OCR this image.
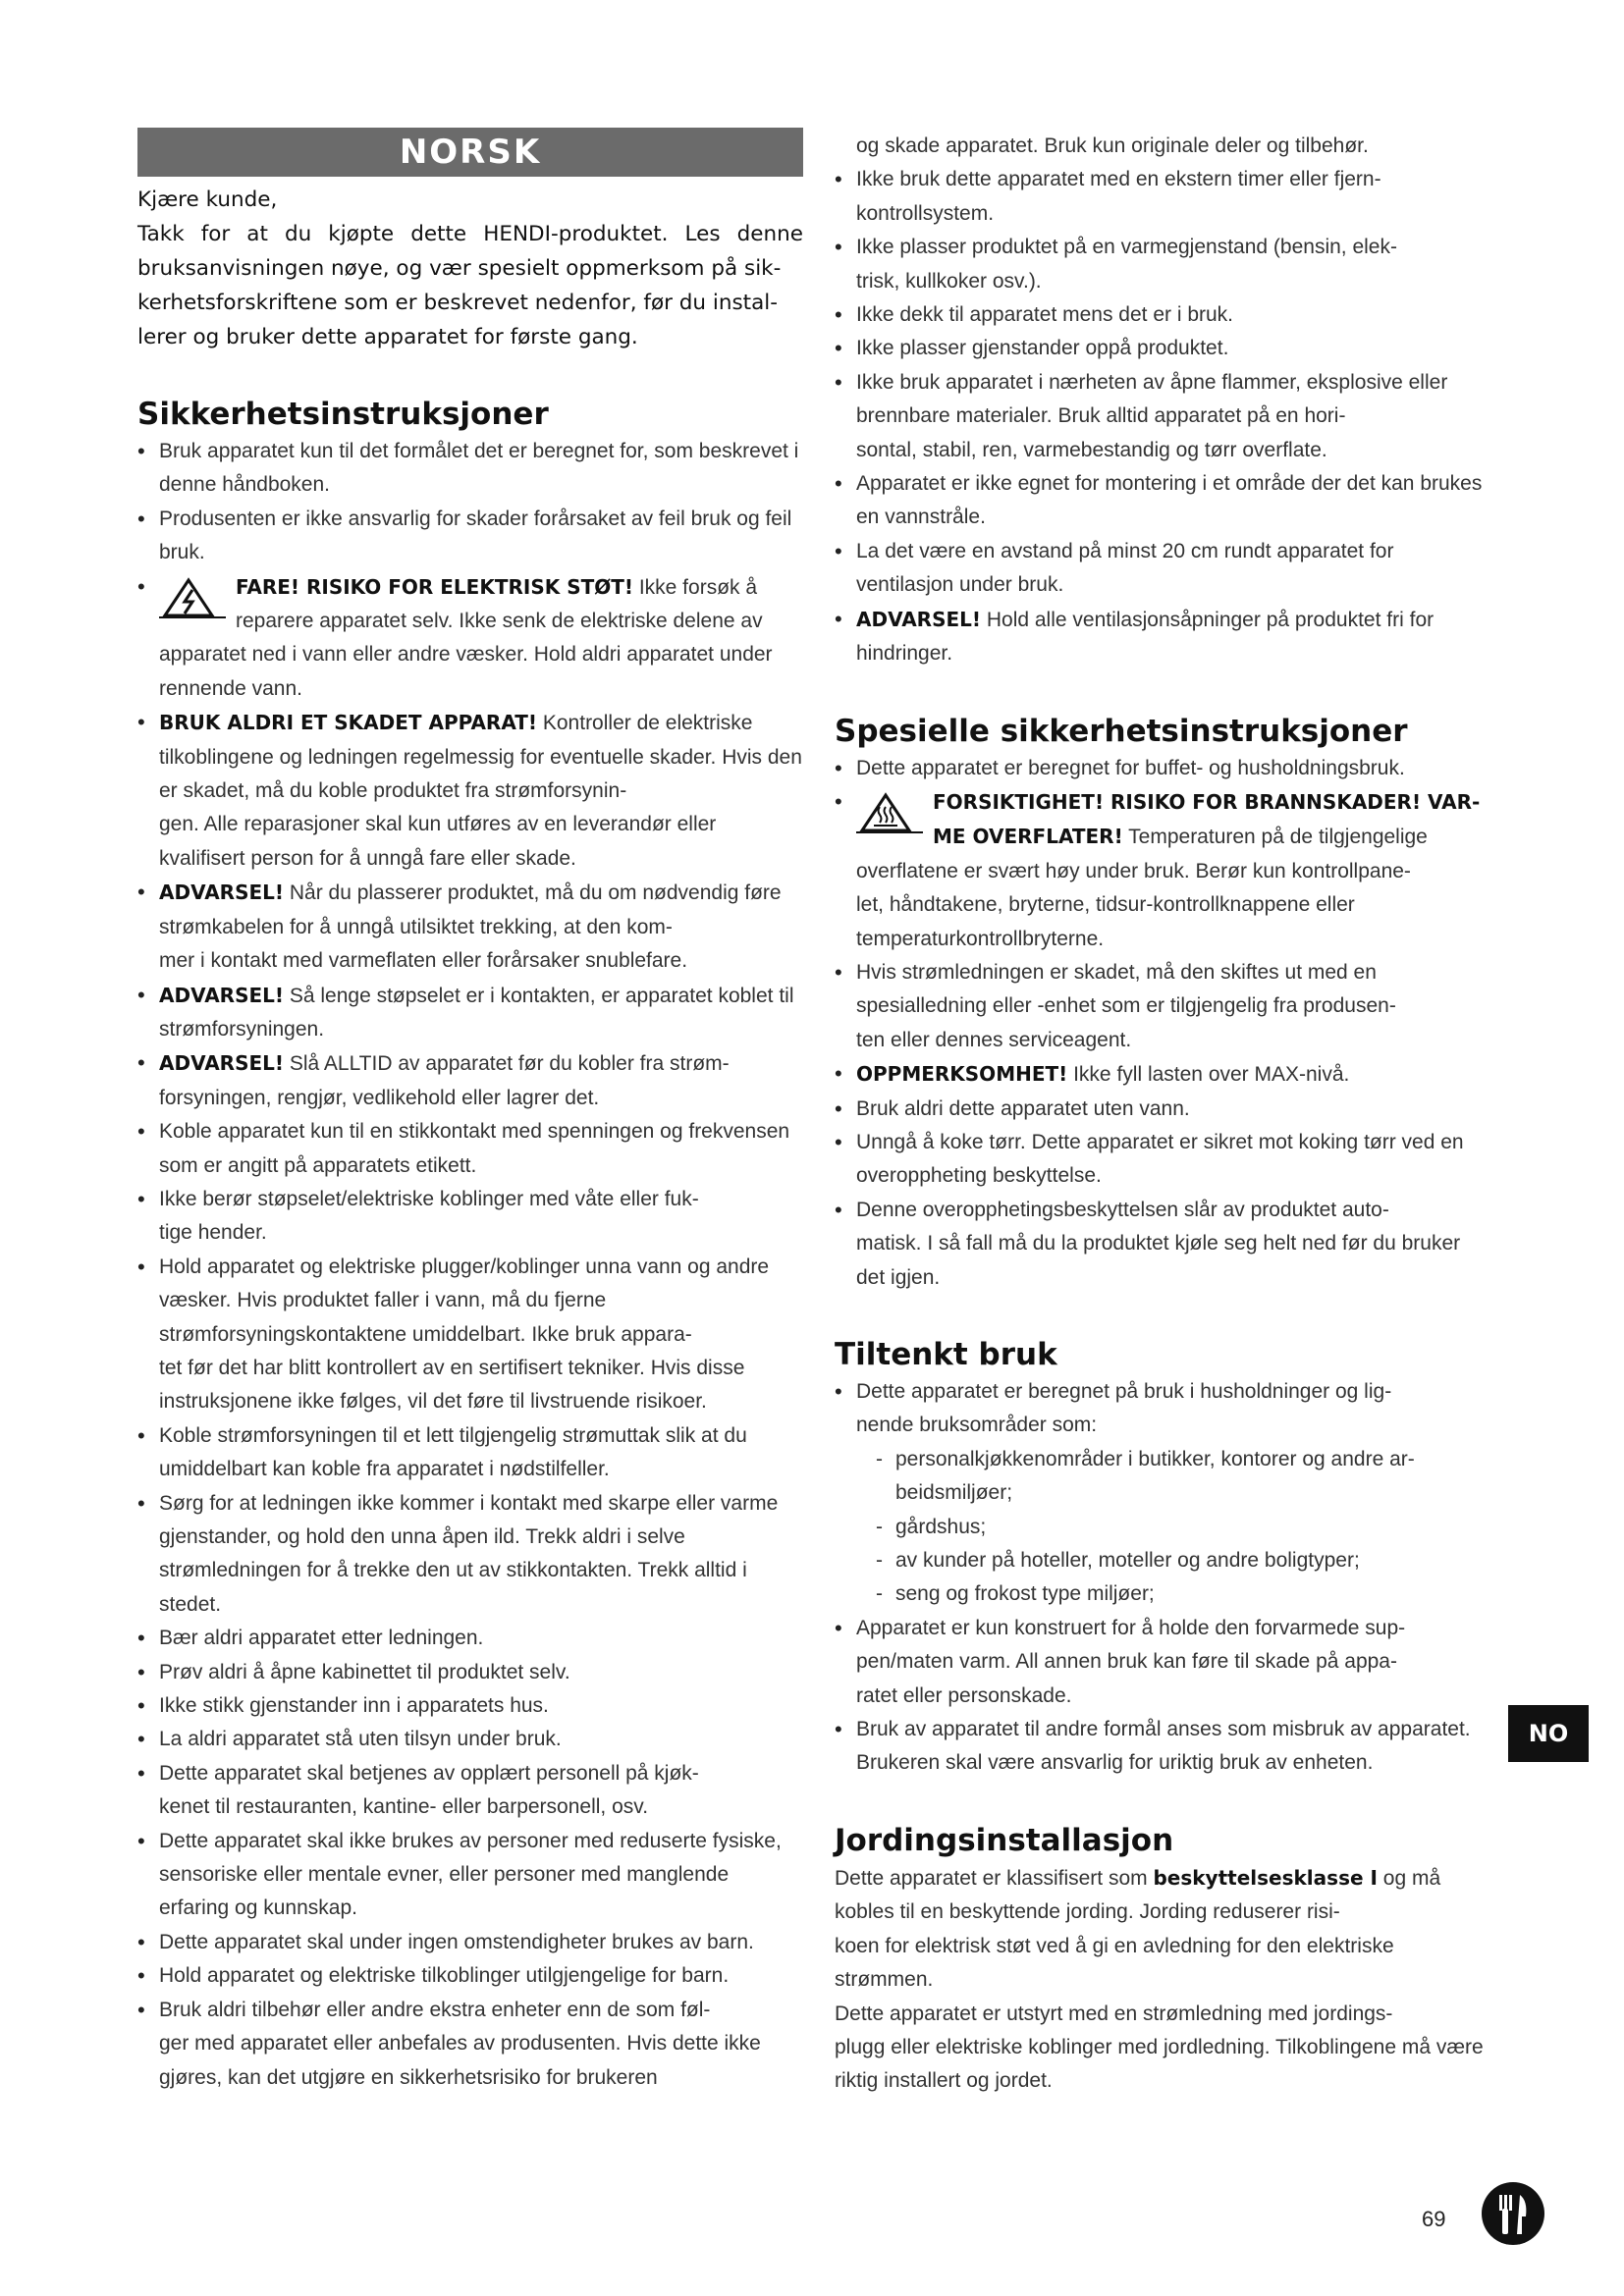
NORSK

Kjære kunde,

Takk for at du kjøpte dette HENDI-produktet. Les denne bruksanvisningen nøye, og vær spesielt oppmerksom på sik-
kerhetsforskriftene som er beskrevet nedenfor, før du instal-
lerer og bruker dette apparatet for første gang.

Sikkerhetsinstruksjoner
• Bruk apparatet kun til det formålet det er beregnet for, som beskrevet i denne håndboken.
• Produsenten er ikke ansvarlig for skader forårsaket av feil bruk og feil bruk.
•	FARE! RISIKO FOR ELEKTRISK STØT! Ikke forsøk å reparere apparatet selv. Ikke senk de elektriske delene av apparatet ned i vann eller andre væsker. Hold aldri apparatet under rennende vann.
• BRUK ALDRI ET SKADET APPARAT! Kontroller de elektriske tilkoblingene og ledningen regelmessig for eventuelle skader. Hvis den er skadet, må du koble produktet fra strømforsynin-
gen. Alle reparasjoner skal kun utføres av en leverandør eller kvalifisert person for å unngå fare eller skade.
• ADVARSEL! Når du plasserer produktet, må du om nødvendig føre strømkabelen for å unngå utilsiktet trekking, at den kom-
mer i kontakt med varmeflaten eller forårsaker snublefare.
• ADVARSEL! Så lenge støpselet er i kontakten, er apparatet koblet til strømforsyningen.
• ADVARSEL! Slå ALLTID av apparatet før du kobler fra strøm-
forsyningen, rengjør, vedlikehold eller lagrer det.
• Koble apparatet kun til en stikkontakt med spenningen og frekvensen som er angitt på apparatets etikett.
• Ikke berør støpselet/elektriske koblinger med våte eller fuk-
tige hender.
• Hold apparatet og elektriske plugger/koblinger unna vann og andre væsker. Hvis produktet faller i vann, må du fjerne strømforsyningskontaktene umiddelbart. Ikke bruk appara-
tet før det har blitt kontrollert av en sertifisert tekniker. Hvis disse instruksjonene ikke følges, vil det føre til livstruende risikoer.
• Koble strømforsyningen til et lett tilgjengelig strømuttak slik at du umiddelbart kan koble fra apparatet i nødstilfeller.
• Sørg for at ledningen ikke kommer i kontakt med skarpe eller varme gjenstander, og hold den unna åpen ild. Trekk aldri i selve strømledningen for å trekke den ut av stikkontakten. Trekk alltid i stedet.
• Bær aldri apparatet etter ledningen.
• Prøv aldri å åpne kabinettet til produktet selv.
• Ikke stikk gjenstander inn i apparatets hus.
• La aldri apparatet stå uten tilsyn under bruk.
• Dette apparatet skal betjenes av opplært personell på kjøk-
kenet til restauranten, kantine- eller barpersonell, osv.
• Dette apparatet skal ikke brukes av personer med reduserte fysiske, sensoriske eller mentale evner, eller personer med manglende erfaring og kunnskap.
• Dette apparatet skal under ingen omstendigheter brukes av barn.
• Hold apparatet og elektriske tilkoblinger utilgjengelige for barn.
• Bruk aldri tilbehør eller andre ekstra enheter enn de som føl-
ger med apparatet eller anbefales av produsenten. Hvis dette ikke gjøres, kan det utgjøre en sikkerhetsrisiko for brukeren
og skade apparatet. Bruk kun originale deler og tilbehør.
• Ikke bruk dette apparatet med en ekstern timer eller fjern-
kontrollsystem.
• Ikke plasser produktet på en varmegjenstand (bensin, elek-
trisk, kullkoker osv.).
• Ikke dekk til apparatet mens det er i bruk.
• Ikke plasser gjenstander oppå produktet.
• Ikke bruk apparatet i nærheten av åpne flammer, eksplosive eller brennbare materialer. Bruk alltid apparatet på en hori-
sontal, stabil, ren, varmebestandig og tørr overflate.
• Apparatet er ikke egnet for montering i et område der det kan brukes en vannstråle.
• La det være en avstand på minst 20 cm rundt apparatet for ventilasjon under bruk.
• ADVARSEL! Hold alle ventilasjonsåpninger på produktet fri for hindringer.
Spesielle sikkerhetsinstruksjoner
• Dette apparatet er beregnet for buffet- og husholdningsbruk.
•	FORSIKTIGHET! RISIKO FOR BRANNSKADER! VAR-
ME OVERFLATER! Temperaturen på de tilgjengelige overflatene er svært høy under bruk. Berør kun kontrollpane-
let, håndtakene, bryterne, tidsur-kontrollknappene eller temperaturkontrollbryterne.
• Hvis strømledningen er skadet, må den skiftes ut med en spesialledning eller -enhet som er tilgjengelig fra produsen-
ten eller dennes serviceagent.
• OPPMERKSOMHET! Ikke fyll lasten over MAX-nivå.
• Bruk aldri dette apparatet uten vann.
• Unngå å koke tørr. Dette apparatet er sikret mot koking tørr ved en overoppheting beskyttelse.
• Denne overopphetingsbeskyttelsen slår av produktet auto-
matisk. I så fall må du la produktet kjøle seg helt ned før du bruker det igjen.
Tiltenkt bruk
• Dette apparatet er beregnet på bruk i husholdninger og lig-
nende bruksområder som:
- personalkjøkkenområder i butikker, kontorer og andre ar-
beidsmiljøer;
- gårdshus;
- av kunder på hoteller, moteller og andre boligtyper;
- seng og frokost type miljøer;
• Apparatet er kun konstruert for å holde den forvarmede sup-
pen/maten varm. All annen bruk kan føre til skade på appa-
ratet eller personskade.
• Bruk av apparatet til andre formål anses som misbruk av apparatet. Brukeren skal være ansvarlig for uriktig bruk av enheten.
Jordingsinstallasjon

Dette apparatet er klassifisert som beskyttelsesklasse I og må kobles til en beskyttende jording. Jording reduserer risi-
koen for elektrisk støt ved å gi en avledning for den elektriske strømmen.

Dette apparatet er utstyrt med en strømledning med jordings-
plugg eller elektriske koblinger med jordledning. Tilkoblingene må være riktig installert og jordet.

NO
69
